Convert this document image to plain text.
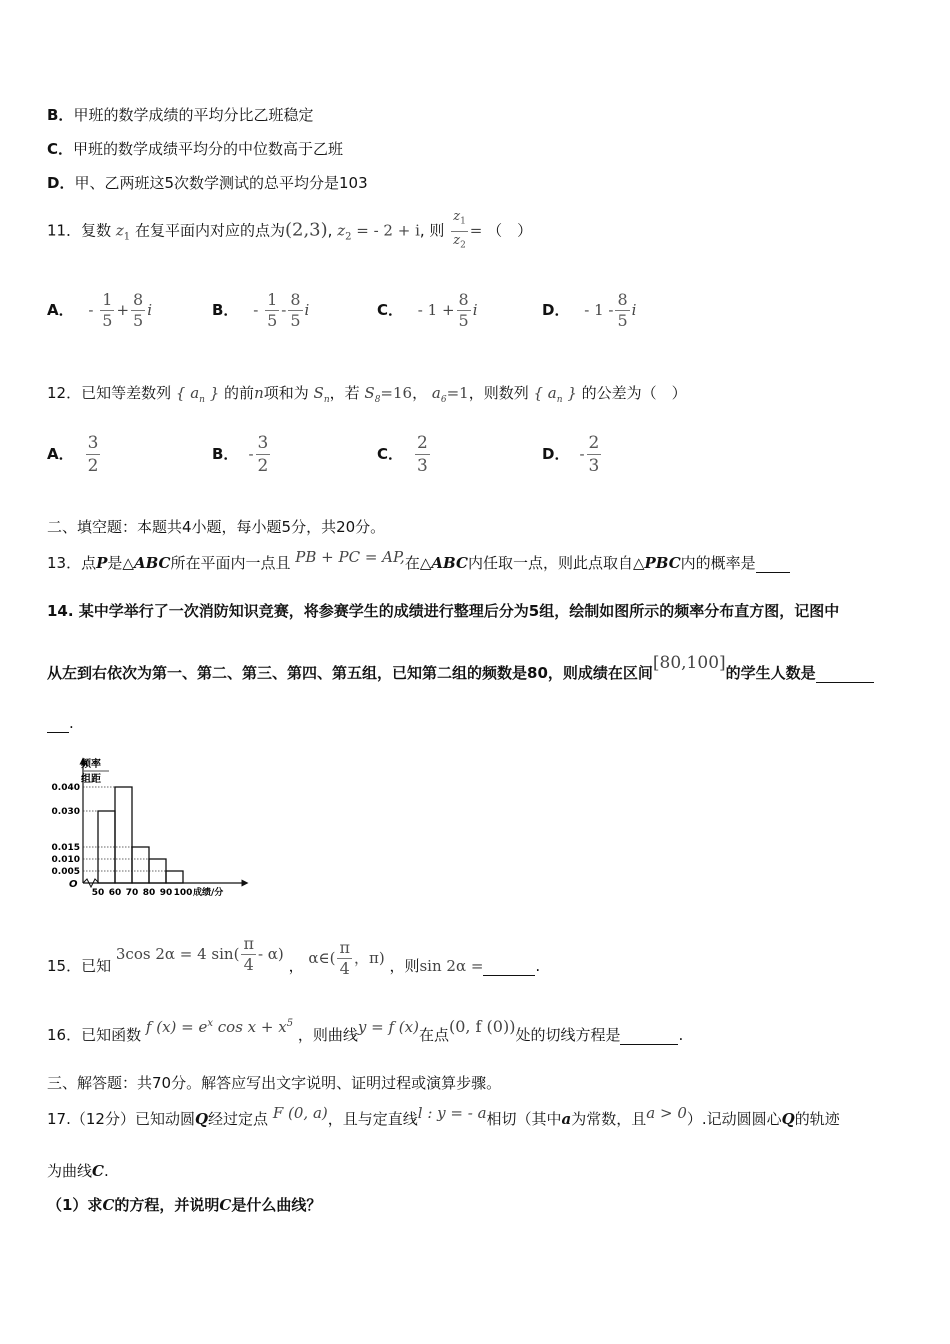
B．甲班的数学成绩的平均分比乙班稳定
C．甲班的数学成绩平均分的中位数高于乙班
D．甲、乙两班这5次数学测试的总平均分是103
11．复数 $z_1$ 在复平面内对应的点为(2,3), $z_2$ = - 2 + i, 则 $\frac{z_1}{z_2}$ = （　）
A． - $\frac{1}{5} + \frac{8}{5}$ i	B． - $\frac{1}{5} - \frac{8}{5}$ i	C． - $1 + \frac{8}{5}$ i	D． - $1 - \frac{8}{5}$ i
12．已知等差数列 { $a_n$ } 的前n项和为 $S_n$，若 $S_8=16$， $a_6=1$，则数列 { $a_n$ } 的公差为（　）
A． $\frac{3}{2}$	B． - $\frac{3}{2}$	C． $\frac{2}{3}$	D． - $\frac{2}{3}$
二、填空题：本题共4小题，每小题5分，共20分。
13．点P是△ABC所在平面内一点且 PB + PC = AP,在△ABC内任取一点，则此点取自△PBC内的概率是
14. 某中学举行了一次消防知识竞赛，将参赛学生的成绩进行整理后分为5组，绘制如图所示的频率分布直方图，记图中
从左到右依次为第一、第二、第三、第四、第五组，已知第二组的频数是80，则成绩在区间[80,100]的学生人数是
.
O
频率
组距
0.040
0.030
0.015
0.010
0.005
50 60 70 80 90 100 成绩/分
15．已知 3cos 2α = 4 $\sin( \frac{\pi}{4} - \alpha)$ ， α∈( $\frac{\pi}{4}$ ，π) ，则sin 2α =	.
16．已知函数 f $(x) = e^x$ $\cos x + x^5$ ，则曲线y = f (x)在点(0, f (0))处的切线方程是	.
三、解答题：共70分。解答应写出文字说明、证明过程或演算步骤。
17.（12分）已知动圆Q经过定点 F (0, a)，且与定直线l : y = - a相切（其中a为常数，且a > 0）.记动圆圆心Q的轨迹
为曲线C.
（1）求C的方程，并说明C是什么曲线？
